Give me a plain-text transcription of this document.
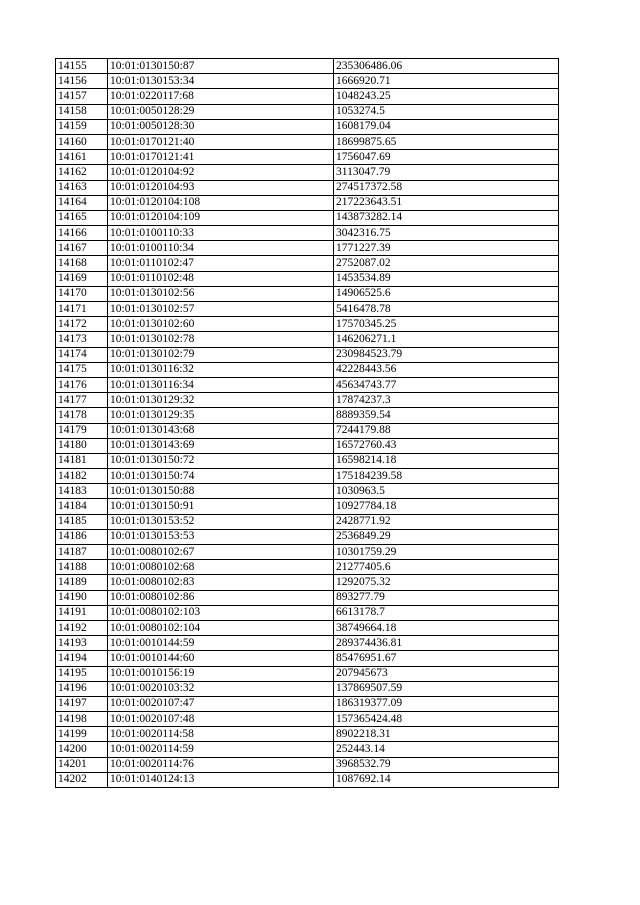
14155	10:01:0130150:87	235306486.06
14156	10:01:0130153:34	1666920.71
14157	10:01:0220117:68	1048243.25
14158	10:01:0050128:29	1053274.5
14159	10:01:0050128:30	1608179.04
14160	10:01:0170121:40	18699875.65
14161	10:01:0170121:41	1756047.69
14162	10:01:0120104:92	3113047.79
14163	10:01:0120104:93	274517372.58
14164	10:01:0120104:108	217223643.51
14165	10:01:0120104:109	143873282.14
14166	10:01:0100110:33	3042316.75
14167	10:01:0100110:34	1771227.39
14168	10:01:0110102:47	2752087.02
14169	10:01:0110102:48	1453534.89
14170	10:01:0130102:56	14906525.6
14171	10:01:0130102:57	5416478.78
14172	10:01:0130102:60	17570345.25
14173	10:01:0130102:78	146206271.1
14174	10:01:0130102:79	230984523.79
14175	10:01:0130116:32	42228443.56
14176	10:01:0130116:34	45634743.77
14177	10:01:0130129:32	17874237.3
14178	10:01:0130129:35	8889359.54
14179	10:01:0130143:68	7244179.88
14180	10:01:0130143:69	16572760.43
14181	10:01:0130150:72	16598214.18
14182	10:01:0130150:74	175184239.58
14183	10:01:0130150:88	1030963.5
14184	10:01:0130150:91	10927784.18
14185	10:01:0130153:52	2428771.92
14186	10:01:0130153:53	2536849.29
14187	10:01:0080102:67	10301759.29
14188	10:01:0080102:68	21277405.6
14189	10:01:0080102:83	1292075.32
14190	10:01:0080102:86	893277.79
14191	10:01:0080102:103	6613178.7
14192	10:01:0080102:104	38749664.18
14193	10:01:0010144:59	289374436.81
14194	10:01:0010144:60	85476951.67
14195	10:01:0010156:19	207945673
14196	10:01:0020103:32	137869507.59
14197	10:01:0020107:47	186319377.09
14198	10:01:0020107:48	157365424.48
14199	10:01:0020114:58	8902218.31
14200	10:01:0020114:59	252443.14
14201	10:01:0020114:76	3968532.79
14202	10:01:0140124:13	1087692.14
